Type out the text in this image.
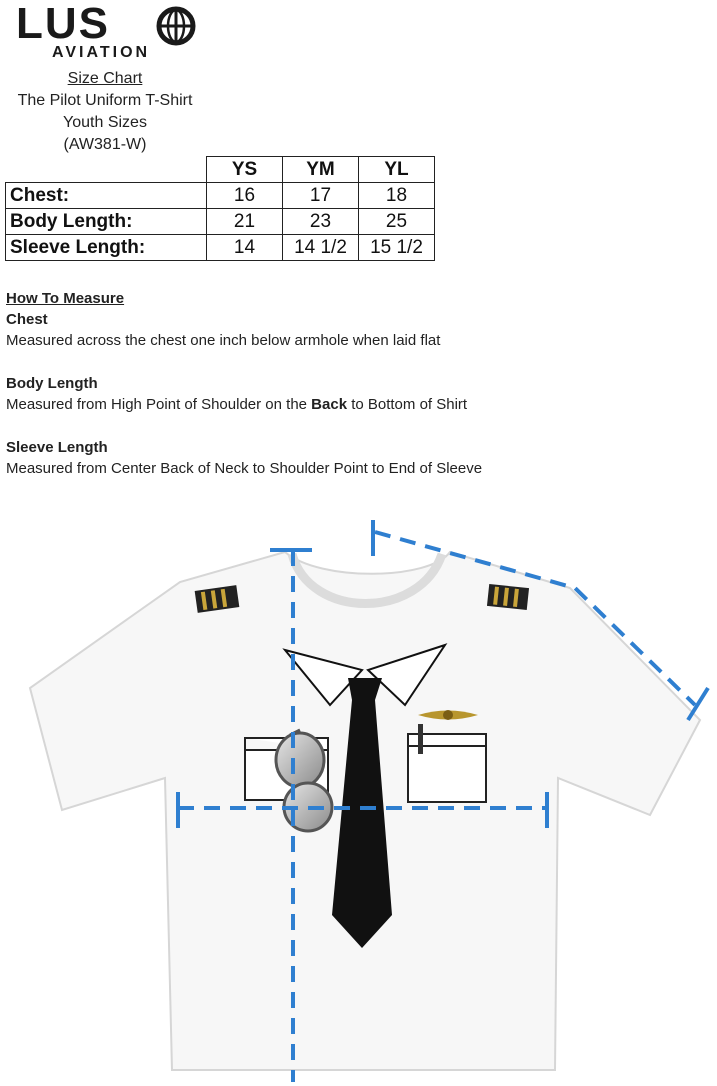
LUS
AVIATION
Size Chart
The Pilot Uniform T-Shirt
Youth Sizes
(AW381-W)
	YS	YM	YL
Chest:	16	17	18
Body Length:	21	23	25
Sleeve Length:	14	14 1/2	15 1/2

How To Measure

Chest

Measured across the chest one inch below armhole when laid flat

Body Length

Measured from High Point of Shoulder on the Back to Bottom of Shirt

Sleeve Length

Measured from Center Back of Neck to Shoulder Point to End of Sleeve
